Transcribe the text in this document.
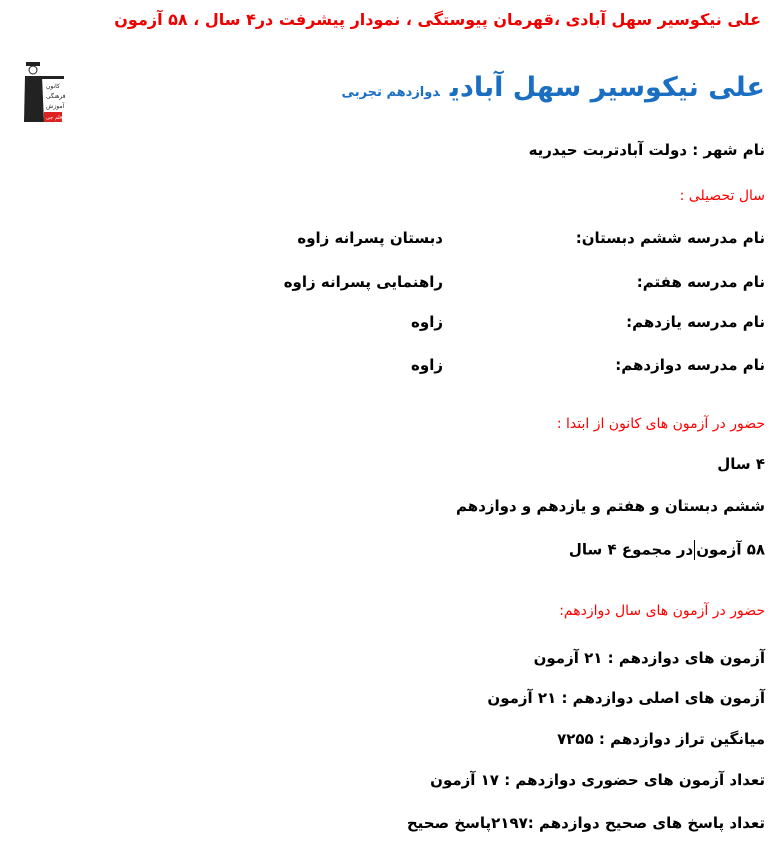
علی نیکوسیر سهل آبادی ،قهرمان پیوستگی ، نمودار پیشرفت در۴ سال ، ۵۸ آزمون
کانون
فرهنگی
آموزش
قلم چی
علی نیکوسیر سهل آبادیدوازدهم تجربی
نام شهر : دولت آبادتربت حیدریه
سال تحصیلی :
نام مدرسه ششم دبستان:
دبستان پسرانه زاوه
نام مدرسه هفتم:
راهنمایی پسرانه زاوه
نام مدرسه یازدهم:
زاوه
نام مدرسه دوازدهم:
زاوه
حضور در آزمون های کانون از ابتدا :
۴ سال
ششم دبستان و هفتم و یازدهم و دوازدهم
۵۸ آزموندر مجموع ۴ سال
حضور در آزمون های سال دوازدهم:
آزمون های دوازدهم : ۲۱ آزمون
آزمون های اصلی دوازدهم : ۲۱ آزمون
میانگین تراز دوازدهم : ۷۲۵۵
تعداد آزمون های حضوری دوازدهم : ۱۷ آزمون
تعداد پاسخ های صحیح دوازدهم :۲۱۹۷پاسخ صحیح
